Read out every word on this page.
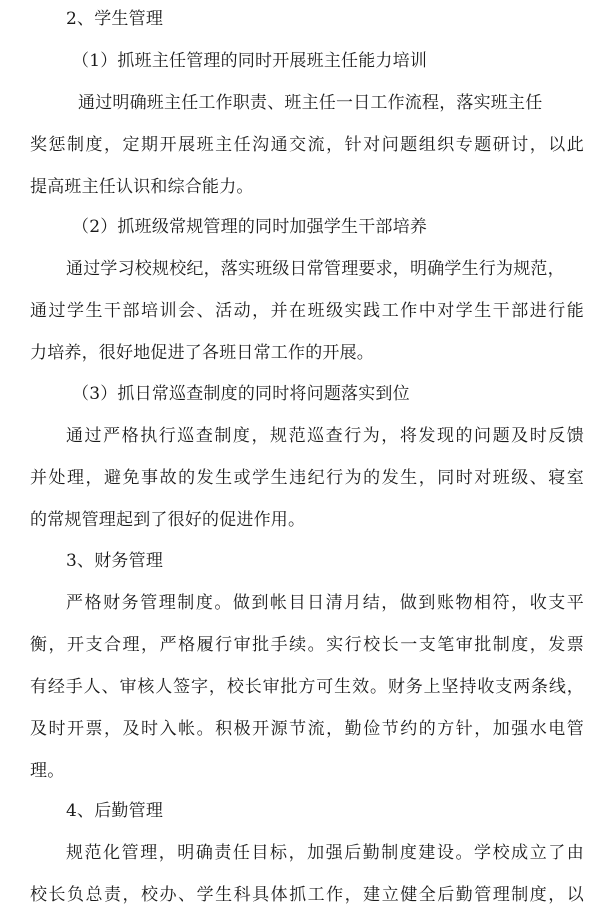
2、学生管理
（1）抓班主任管理的同时开展班主任能力培训
通过明确班主任工作职责、班主任一日工作流程，落实班主任
奖惩制度，定期开展班主任沟通交流，针对问题组织专题研讨，以此
提高班主任认识和综合能力。
（2）抓班级常规管理的同时加强学生干部培养
通过学习校规校纪，落实班级日常管理要求，明确学生行为规范，
通过学生干部培训会、活动，并在班级实践工作中对学生干部进行能
力培养，很好地促进了各班日常工作的开展。
（3）抓日常巡查制度的同时将问题落实到位
通过严格执行巡查制度，规范巡查行为，将发现的问题及时反馈
并处理，避免事故的发生或学生违纪行为的发生，同时对班级、寝室
的常规管理起到了很好的促进作用。
3、财务管理
严格财务管理制度。做到帐目日清月结，做到账物相符，收支平
衡，开支合理，严格履行审批手续。实行校长一支笔审批制度，发票
有经手人、审核人签字，校长审批方可生效。财务上坚持收支两条线，
及时开票，及时入帐。积极开源节流，勤俭节约的方针，加强水电管
理。
4、后勤管理
规范化管理，明确责任目标，加强后勤制度建设。学校成立了由
校长负总责，校办、学生科具体抓工作，建立健全后勤管理制度，以
